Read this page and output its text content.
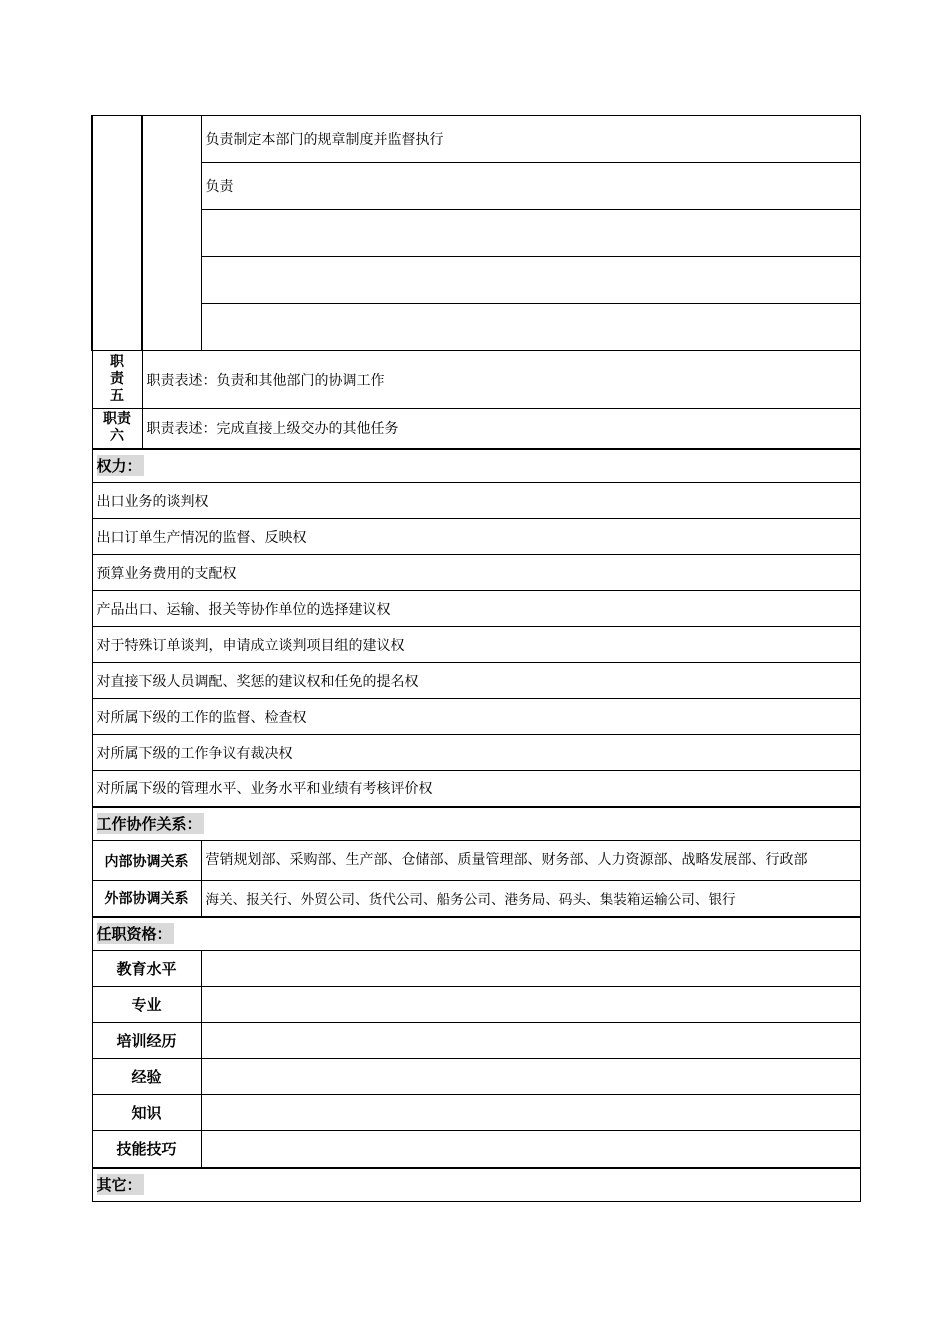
		负责制定本部门的规章制度并监督执行
		负责

职
责
五	职责表述：负责和其他部门的协调工作	

职责
六	职责表述：完成直接上级交办的其他任务	
权力：		
出口业务的谈判权		
出口订单生产情况的监督、反映权		
预算业务费用的支配权		
产品出口、运输、报关等协作单位的选择建议权		
对于特殊订单谈判，申请成立谈判项目组的建议权		
对直接下级人员调配、奖惩的建议权和任免的提名权		
对所属下级的工作的监督、检查权		
对所属下级的工作争议有裁决权		
对所属下级的管理水平、业务水平和业绩有考核评价权		
工作协作关系：		
内部协调关系		营销规划部、采购部、生产部、仓储部、质量管理部、财务部、人力资源部、战略发展部、行政部
外部协调关系		海关、报关行、外贸公司、货代公司、船务公司、港务局、码头、集装箱运输公司、银行
任职资格：		
教育水平		
专业		
培训经历		
经验		
知识		
技能技巧		
其它：		
